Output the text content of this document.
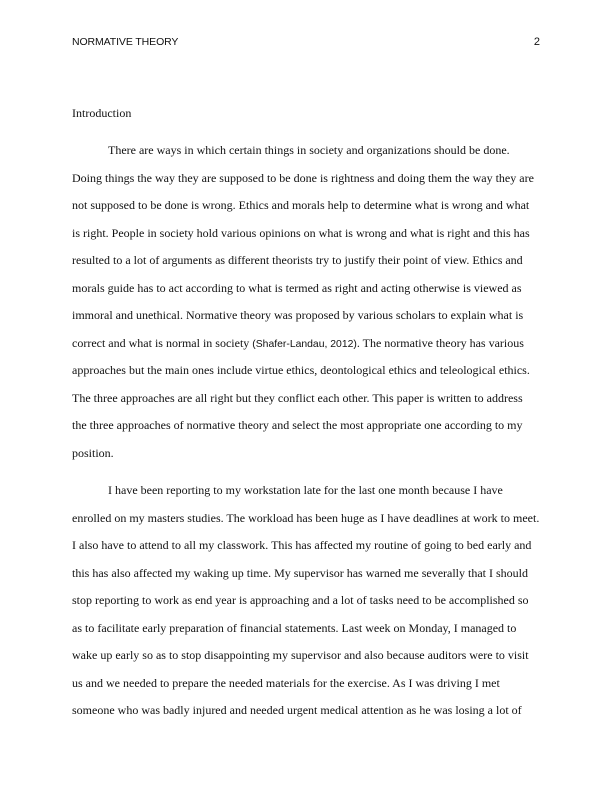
NORMATIVE THEORY	2
Introduction
There are ways in which certain things in society and organizations should be done.
Doing things the way they are supposed to be done is rightness and doing them the way they are
not supposed to be done is wrong. Ethics and morals help to determine what is wrong and what
is right. People in society hold various opinions on what is wrong and what is right and this has
resulted to a lot of arguments as different theorists try to justify their point of view. Ethics and
morals guide has to act according to what is termed as right and acting otherwise is viewed as
immoral and unethical. Normative theory was proposed by various scholars to explain what is
correct and what is normal in society (Shafer-Landau, 2012). The normative theory has various
approaches but the main ones include virtue ethics, deontological ethics and teleological ethics.
The three approaches are all right but they conflict each other. This paper is written to address
the three approaches of normative theory and select the most appropriate one according to my
position.
I have been reporting to my workstation late for the last one month because I have
enrolled on my masters studies. The workload has been huge as I have deadlines at work to meet.
I also have to attend to all my classwork. This has affected my routine of going to bed early and
this has also affected my waking up time. My supervisor has warned me severally that I should
stop reporting to work as end year is approaching and a lot of tasks need to be accomplished so
as to facilitate early preparation of financial statements. Last week on Monday, I managed to
wake up early so as to stop disappointing my supervisor and also because auditors were to visit
us and we needed to prepare the needed materials for the exercise. As I was driving I met
someone who was badly injured and needed urgent medical attention as he was losing a lot of
